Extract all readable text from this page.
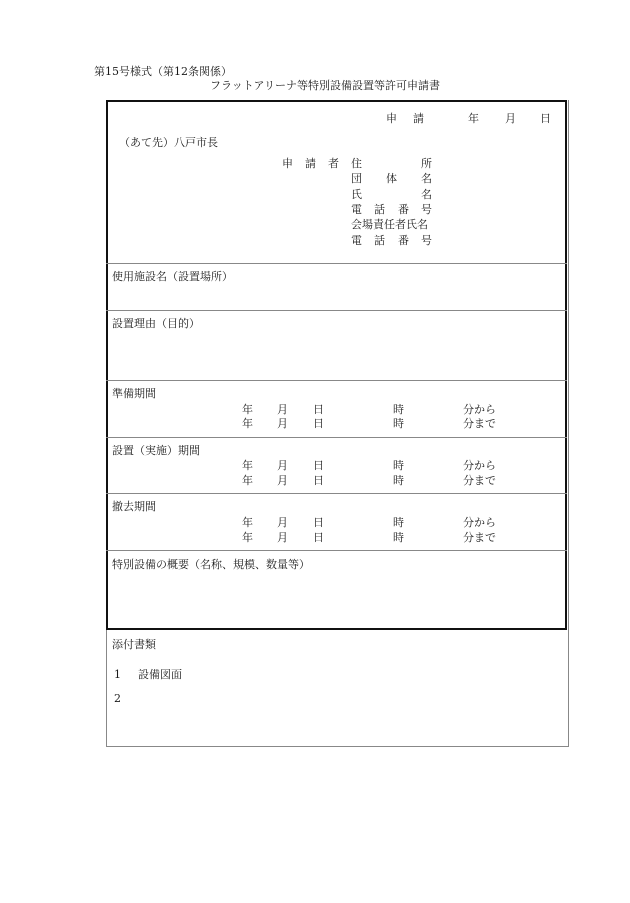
第15号様式（第12条関係）
フラットアリーナ等特別設備設置等許可申請書
申 請	年 月 日
（あて先）八戸市長
申 請 者 住	所
団 体 名
氏	名
電 話 番 号
会場責任者氏名
電 話 番 号
使用施設名（設置場所）
設置理由（目的）
準備期間
年 月 日	時	分から
年 月 日	時	分まで
設置（実施）期間
年 月 日	時	分から
年 月 日	時	分まで
撤去期間
年 月 日	時	分から
年 月 日	時	分まで
特別設備の概要（名称、規模、数量等）
添付書類
1 設備図面
2
